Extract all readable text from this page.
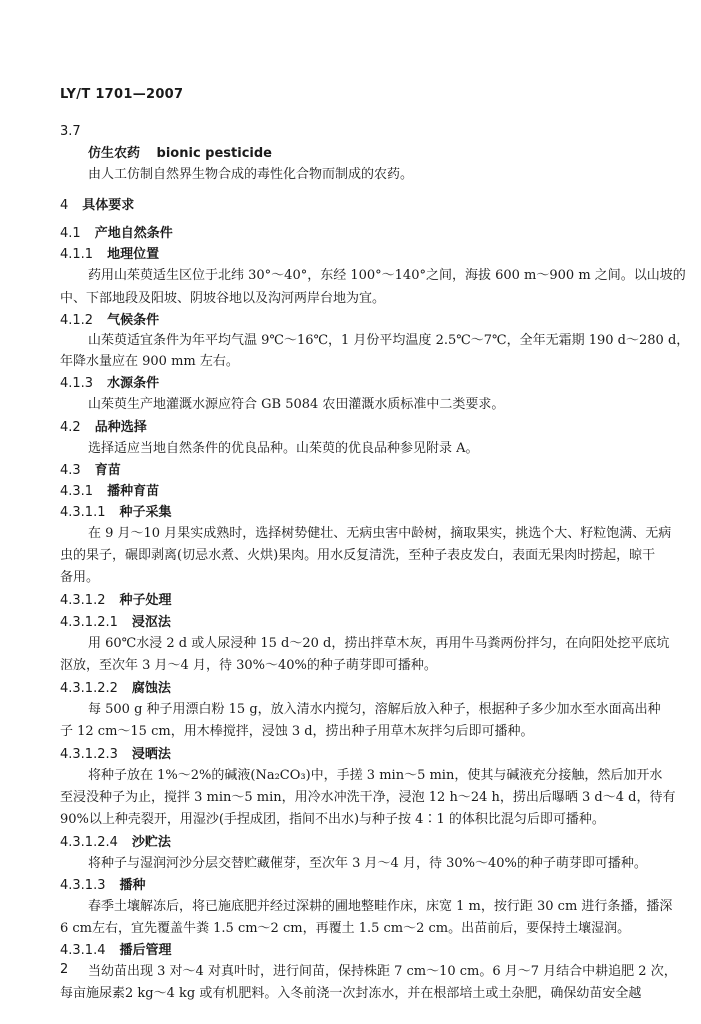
LY/T 1701—2007
3.7
仿生农药 bionic pesticide
由人工仿制自然界生物合成的毒性化合物而制成的农药。
4 具体要求
4.1 产地自然条件
4.1.1 地理位置
药用山茱萸适生区位于北纬 30°～40°，东经 100°～140°之间，海拔 600 m～900 m 之间。以山坡的
中、下部地段及阳坡、阴坡谷地以及沟河两岸台地为宜。
4.1.2 气候条件
山茱萸适宜条件为年平均气温 9℃～16℃，1 月份平均温度 2.5℃～7℃，全年无霜期 190 d～280 d，
年降水量应在 900 mm 左右。
4.1.3 水源条件
山茱萸生产地灌溉水源应符合 GB 5084 农田灌溉水质标准中二类要求。
4.2 品种选择
选择适应当地自然条件的优良品种。山茱萸的优良品种参见附录 A。
4.3 育苗
4.3.1 播种育苗
4.3.1.1 种子采集
在 9 月～10 月果实成熟时，选择树势健壮、无病虫害中龄树，摘取果实，挑选个大、籽粒饱满、无病
虫的果子，碾即剥离(切忌水煮、火烘)果肉。用水反复清洗，至种子表皮发白，表面无果肉时捞起，晾干
备用。
4.3.1.2 种子处理
4.3.1.2.1 浸沤法
用 60℃水浸 2 d 或人尿浸种 15 d～20 d，捞出拌草木灰，再用牛马粪两份拌匀，在向阳处挖平底坑
沤放，至次年 3 月～4 月，待 30%～40%的种子萌芽即可播种。
4.3.1.2.2 腐蚀法
每 500 g 种子用漂白粉 15 g，放入清水内搅匀，溶解后放入种子，根据种子多少加水至水面高出种
子 12 cm～15 cm，用木棒搅拌，浸蚀 3 d，捞出种子用草木灰拌匀后即可播种。
4.3.1.2.3 浸晒法
将种子放在 1%～2%的碱液(Na₂CO₃)中，手搓 3 min～5 min，使其与碱液充分接触，然后加开水
至浸没种子为止，搅拌 3 min～5 min，用冷水冲洗干净，浸泡 12 h～24 h，捞出后曝晒 3 d～4 d，待有
90%以上种壳裂开，用湿沙(手捏成团，指间不出水)与种子按 4∶1 的体积比混匀后即可播种。
4.3.1.2.4 沙贮法
将种子与湿润河沙分层交替贮藏催芽，至次年 3 月～4 月，待 30%～40%的种子萌芽即可播种。
4.3.1.3 播种
春季土壤解冻后，将已施底肥并经过深耕的圃地整畦作床，床宽 1 m，按行距 30 cm 进行条播，播深
6 cm左右，宜先覆盖牛粪 1.5 cm～2 cm，再覆土 1.5 cm～2 cm。出苗前后，要保持土壤湿润。
4.3.1.4 播后管理
当幼苗出现 3 对～4 对真叶时，进行间苗，保持株距 7 cm～10 cm。6 月～7 月结合中耕追肥 2 次，
每亩施尿素2 kg～4 kg 或有机肥料。入冬前浇一次封冻水，并在根部培土或土杂肥，确保幼苗安全越
2
